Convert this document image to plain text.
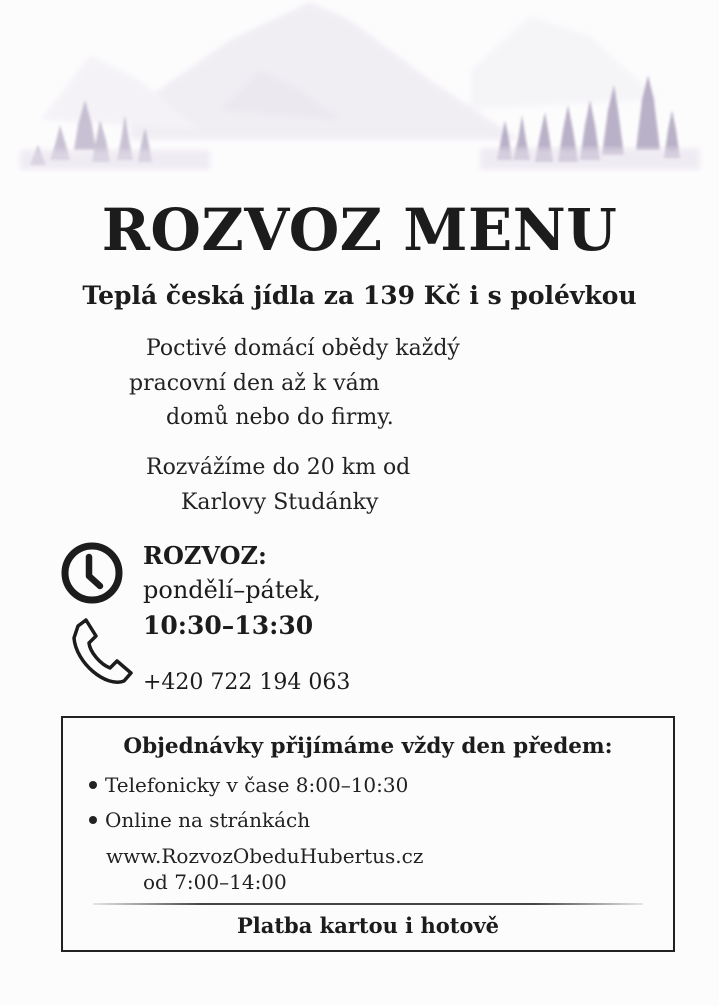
ROZVOZ MENU
Teplá česká jídla za 139 Kč i s polévkou
Poctivé domácí obědy každý
pracovní den až k vám
domů nebo do firmy.
Rozvážíme do 20 km od
Karlovy Studánky
ROZVOZ:
pondělí–pátek,
10:30–13:30
+420 722 194 063
Objednávky přijímáme vždy den předem:
Telefonicky v čase 8:00–10:30
Online na stránkách
www.RozvozObeduHubertus.cz
od 7:00–14:00
Platba kartou i hotově
